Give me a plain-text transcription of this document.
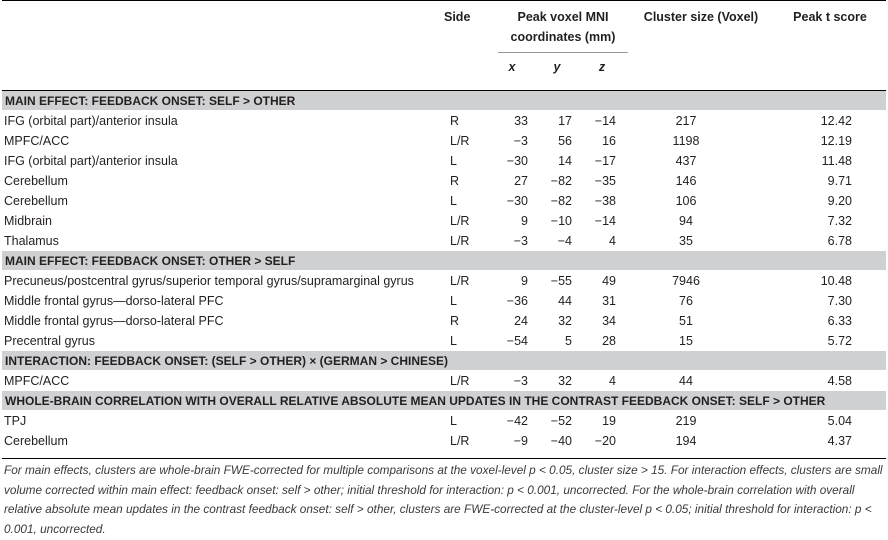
Side	Peak voxel MNI
coordinates (mm)
Cluster size (Voxel)	Peak t score
x	y	z
MAIN EFFECT: FEEDBACK ONSET: SELF > OTHER
IFG (orbital part)/anterior insula	R	33	17	−14	217	12.42
MPFC/ACC	L/R	−3	56	16	1198	12.19
IFG (orbital part)/anterior insula	L	−30	14	−17	437	11.48
Cerebellum	R	27	−82	−35	146	9.71
Cerebellum	L	−30	−82	−38	106	9.20
Midbrain	L/R	9	−10	−14	94	7.32
Thalamus	L/R	−3	−4	4	35	6.78
MAIN EFFECT: FEEDBACK ONSET: OTHER > SELF
Precuneus/postcentral gyrus/superior temporal gyrus/supramarginal gyrus	L/R	9	−55	49	7946	10.48
Middle frontal gyrus—dorso-lateral PFC	L	−36	44	31	76	7.30
Middle frontal gyrus—dorso-lateral PFC	R	24	32	34	51	6.33
Precentral gyrus	L	−54	5	28	15	5.72
INTERACTION: FEEDBACK ONSET: (SELF > OTHER) × (GERMAN > CHINESE)
MPFC/ACC	L/R	−3	32	4	44	4.58
WHOLE-BRAIN CORRELATION WITH OVERALL RELATIVE ABSOLUTE MEAN UPDATES IN THE CONTRAST FEEDBACK ONSET: SELF > OTHER
TPJ	L	−42	−52	19	219	5.04
Cerebellum	L/R	−9	−40	−20	194	4.37
For main effects, clusters are whole-brain FWE-corrected for multiple comparisons at the voxel-level p < 0.05, cluster size > 15. For interaction effects, clusters are small volume corrected within main effect: feedback onset: self > other; initial threshold for interaction: p < 0.001, uncorrected. For the whole-brain correlation with overall relative absolute mean updates in the contrast feedback onset: self > other, clusters are FWE-corrected at the cluster-level p < 0.05; initial threshold for interaction: p < 0.001, uncorrected.
